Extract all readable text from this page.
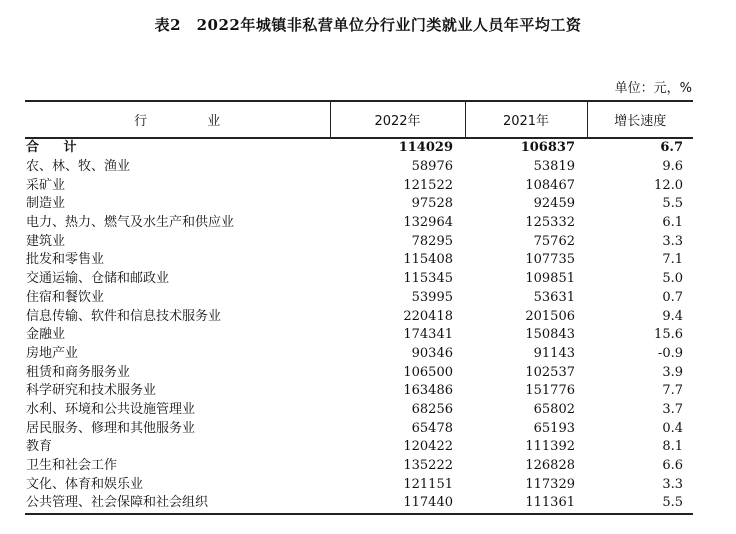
表2　2022年城镇非私营单位分行业门类就业人员年平均工资
单位：元，%
行 业	2022年	2021年	增长速度
合 计	114029	106837	6.7
农、林、牧、渔业	58976	53819	9.6
采矿业	121522	108467	12.0
制造业	97528	92459	5.5
电力、热力、燃气及水生产和供应业	132964	125332	6.1
建筑业	78295	75762	3.3
批发和零售业	115408	107735	7.1
交通运输、仓储和邮政业	115345	109851	5.0
住宿和餐饮业	53995	53631	0.7
信息传输、软件和信息技术服务业	220418	201506	9.4
金融业	174341	150843	15.6
房地产业	90346	91143	-0.9
租赁和商务服务业	106500	102537	3.9
科学研究和技术服务业	163486	151776	7.7
水利、环境和公共设施管理业	68256	65802	3.7
居民服务、修理和其他服务业	65478	65193	0.4
教育	120422	111392	8.1
卫生和社会工作	135222	126828	6.6
文化、体育和娱乐业	121151	117329	3.3
公共管理、社会保障和社会组织	117440	111361	5.5
